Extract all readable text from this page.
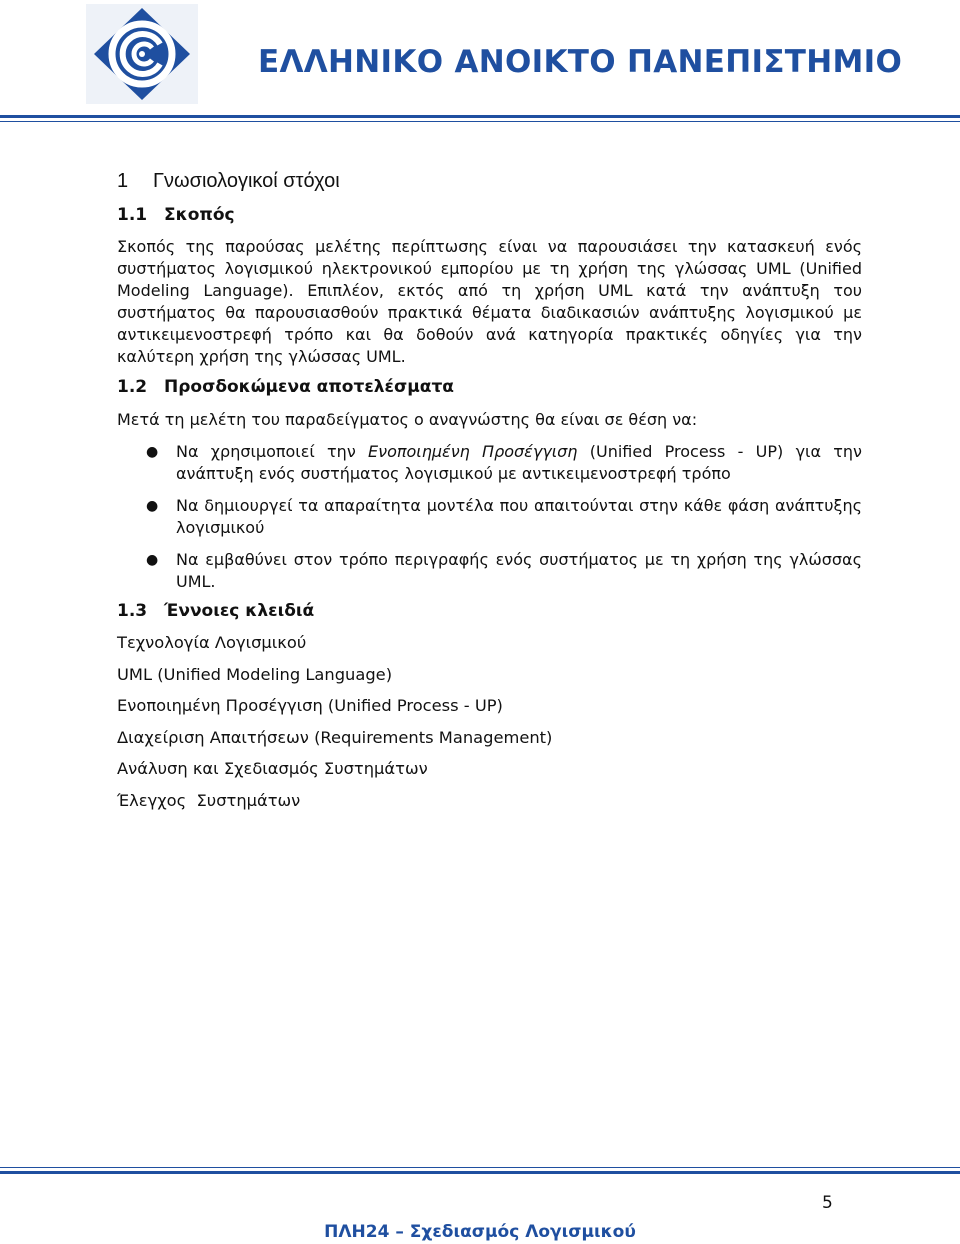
ΕΛΛΗΝΙΚΟ ΑΝΟΙΚΤΟ ΠΑΝΕΠΙΣΤΗΜΙΟ
1 Γνωσιολογικοί στόχοι
1.1 Σκοπός
Σκοπός της παρούσας μελέτης περίπτωσης είναι να παρουσιάσει την κατασκευή ενός συστήματος λογισμικού ηλεκτρονικού εμπορίου με τη χρήση της γλώσσας UML (Unified Modeling Language). Επιπλέον, εκτός από τη χρήση UML κατά την ανάπτυξη του συστήματος θα παρουσιασθούν πρακτικά θέματα διαδικασιών ανάπτυξης λογισμικού με αντικειμενοστρεφή τρόπο και θα δοθούν ανά κατηγορία πρακτικές οδηγίες για την καλύτερη χρήση της γλώσσας UML.
1.2 Προσδοκώμενα αποτελέσματα
Μετά τη μελέτη του παραδείγματος ο αναγνώστης θα είναι σε θέση να:
● Να χρησιμοποιεί την Ενοποιημένη Προσέγγιση (Unified Process - UP) για την ανάπτυξη ενός συστήματος λογισμικού με αντικειμενοστρεφή τρόπο
● Να δημιουργεί τα απαραίτητα μοντέλα που απαιτούνται στην κάθε φάση ανάπτυξης λογισμικού
● Να εμβαθύνει στον τρόπο περιγραφής ενός συστήματος με τη χρήση της γλώσσας UML.
1.3 Έννοιες κλειδιά
Τεχνολογία Λογισμικού
UML (Unified Modeling Language)
Ενοποιημένη Προσέγγιση (Unified Process - UP)
Διαχείριση Απαιτήσεων (Requirements Management)
Ανάλυση και Σχεδιασμός Συστημάτων
Έλεγχος  Συστημάτων
5
ΠΛΗ24 – Σχεδιασμός Λογισμικού
